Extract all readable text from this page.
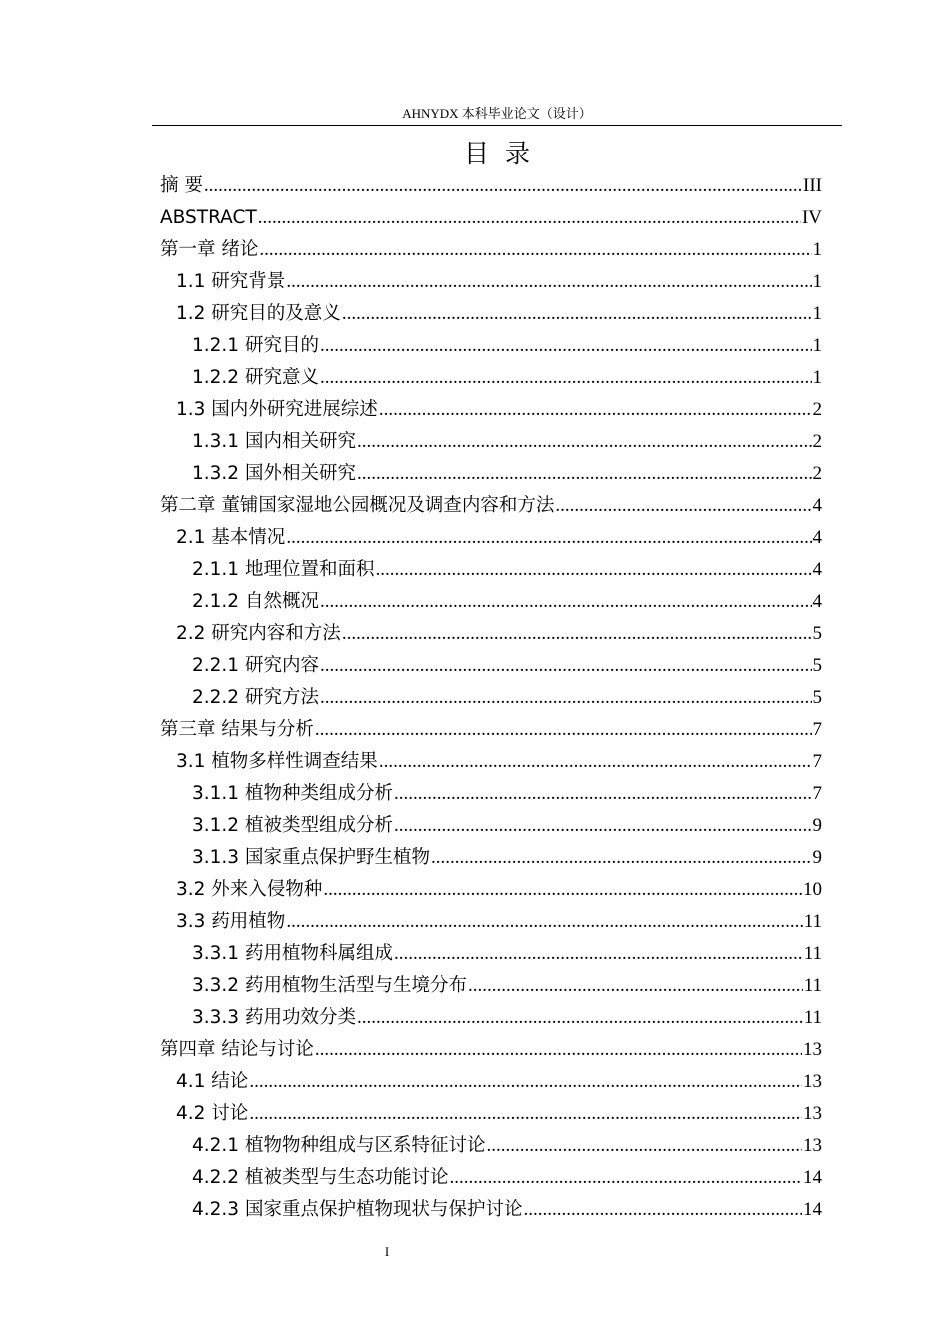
AHNYDX 本科毕业论文（设计）
目录
摘 要 .....	III
ABSTRACT .....	IV
第一章 绪论 .....	1
1.1 研究背景 .....	1
1.2 研究目的及意义 .....	1
1.2.1 研究目的 .....	1
1.2.2 研究意义 .....	1
1.3 国内外研究进展综述 .....	2
1.3.1 国内相关研究 .....	2
1.3.2 国外相关研究 .....	2
第二章 董铺国家湿地公园概况及调查内容和方法 .....	4
2.1 基本情况 .....	4
2.1.1 地理位置和面积 .....	4
2.1.2 自然概况 .....	4
2.2 研究内容和方法 .....	5
2.2.1 研究内容 .....	5
2.2.2 研究方法 .....	5
第三章 结果与分析 .....	7
3.1 植物多样性调查结果 .....	7
3.1.1 植物种类组成分析 .....	7
3.1.2 植被类型组成分析 .....	9
3.1.3 国家重点保护野生植物 .....	9
3.2 外来入侵物种 .....	10
3.3 药用植物 .....	11
3.3.1 药用植物科属组成 .....	11
3.3.2 药用植物生活型与生境分布 .....	11
3.3.3 药用功效分类 .....	11
第四章 结论与讨论 .....	13
4.1 结论 .....	13
4.2 讨论 .....	13
4.2.1 植物物种组成与区系特征讨论 .....	13
4.2.2 植被类型与生态功能讨论 .....	14
4.2.3 国家重点保护植物现状与保护讨论 .....	14
I
